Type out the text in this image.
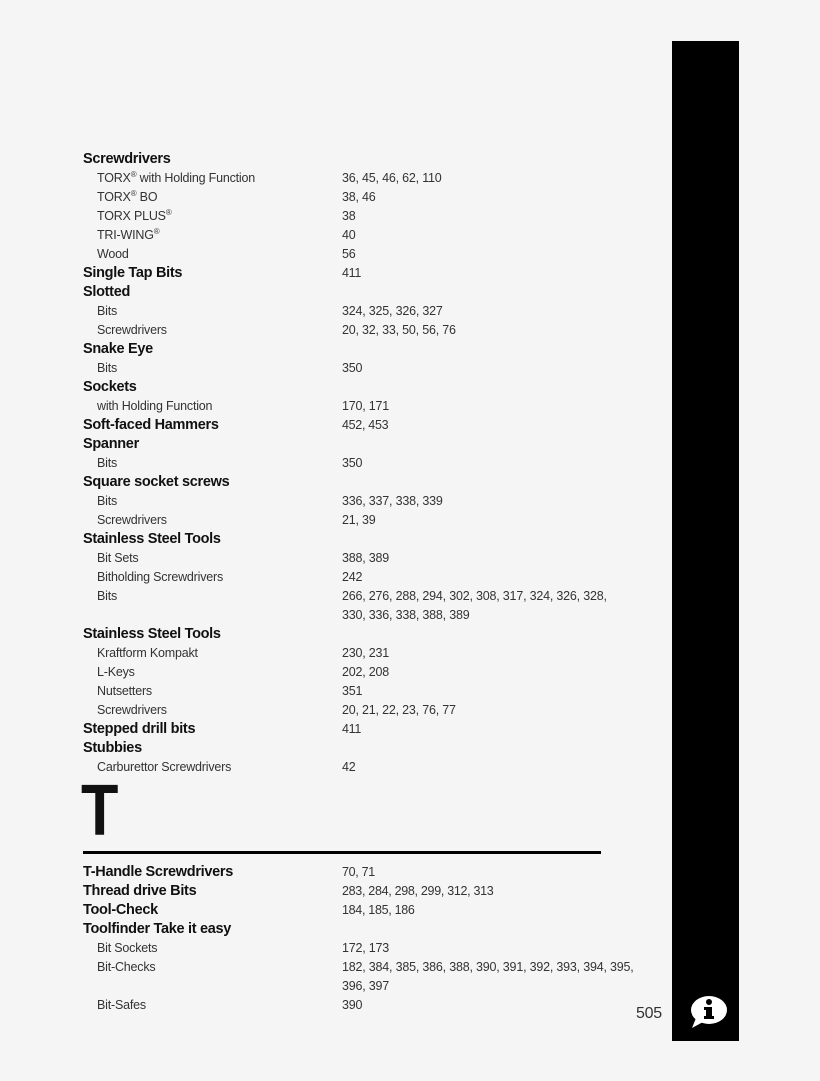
Screwdrivers
TORX® with Holding Function	36, 45, 46, 62, 110
TORX® BO	38, 46
TORX PLUS®	38
TRI-WING®	40
Wood	56
Single Tap Bits	411
Slotted
Bits	324, 325, 326, 327
Screwdrivers	20, 32, 33, 50, 56, 76
Snake Eye
Bits	350
Sockets
with Holding Function	170, 171
Soft-faced Hammers	452, 453
Spanner
Bits	350
Square socket screws
Bits	336, 337, 338, 339
Screwdrivers	21, 39
Stainless Steel Tools
Bit Sets	388, 389
Bitholding Screwdrivers	242
Bits	266, 276, 288, 294, 302, 308, 317, 324, 326, 328,
330, 336, 338, 388, 389
Stainless Steel Tools
Kraftform Kompakt	230, 231
L-Keys	202, 208
Nutsetters	351
Screwdrivers	20, 21, 22, 23, 76, 77
Stepped drill bits	411
Stubbies
Carburettor Screwdrivers	42
T
T-Handle Screwdrivers	70, 71
Thread drive Bits	283, 284, 298, 299, 312, 313
Tool-Check	184, 185, 186
Toolfinder Take it easy
Bit Sockets	172, 173
Bit-Checks	182, 384, 385, 386, 388, 390, 391, 392, 393, 394, 395,
396, 397
Bit-Safes	390	505
